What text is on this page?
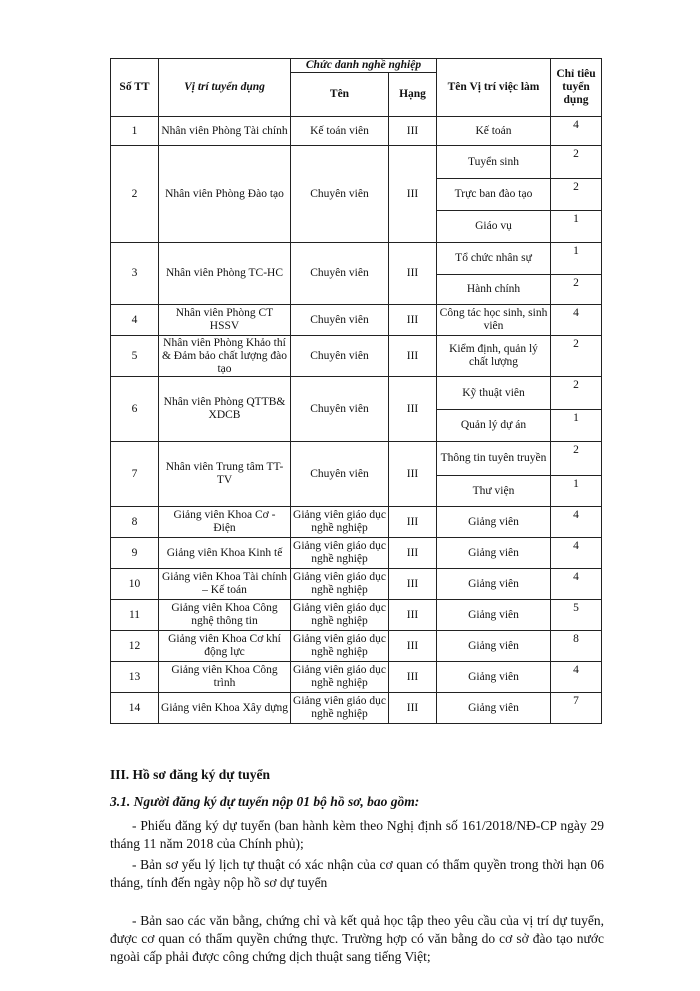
Số TT	Vị trí tuyển dụng	Chức danh nghề nghiệp		Tên Vị trí việc làm	Chỉ tiêu tuyển dụng
		Tên	Hạng		
1	Nhân viên Phòng Tài chính	Kế toán viên	III	Kế toán	4
2	Nhân viên Phòng Đào tạo	Chuyên viên	III	Tuyển sinh	2
				Trực ban đào tạo	2
				Giáo vụ	1
3	Nhân viên Phòng TC-HC	Chuyên viên	III	Tổ chức nhân sự	1
				Hành chính	2
4	Nhân viên Phòng CT HSSV	Chuyên viên	III	Công tác học sinh, sinh viên	4
5	Nhân viên Phòng Khảo thí & Đảm bảo chất lượng đào tạo	Chuyên viên	III	Kiểm định, quản lý chất lượng	2
6	Nhân viên Phòng QTTB& XDCB	Chuyên viên	III	Kỹ thuật viên	2
				Quản lý dự án	1
7	Nhân viên Trung tâm TT-TV	Chuyên viên	III	Thông tin tuyên truyền	2
				Thư viện	1
8	Giảng viên Khoa Cơ - Điện	Giảng viên giáo dục nghề nghiệp	III	Giảng viên	4
9	Giảng viên Khoa Kinh tế	Giảng viên giáo dục nghề nghiệp	III	Giảng viên	4
10	Giảng viên Khoa Tài chính – Kế toán	Giảng viên giáo dục nghề nghiệp	III	Giảng viên	4
11	Giảng viên Khoa Công nghệ thông tin	Giảng viên giáo dục nghề nghiệp	III	Giảng viên	5
12	Giảng viên Khoa Cơ khí động lực	Giảng viên giáo dục nghề nghiệp	III	Giảng viên	8
13	Giảng viên Khoa Công trình	Giảng viên giáo dục nghề nghiệp	III	Giảng viên	4
14	Giảng viên Khoa Xây dựng	Giảng viên giáo dục nghề nghiệp	III	Giảng viên	7
III. Hồ sơ đăng ký dự tuyển
3.1. Người đăng ký dự tuyển nộp 01 bộ hồ sơ, bao gồm:
- Phiếu đăng ký dự tuyển (ban hành kèm theo Nghị định số 161/2018/NĐ-CP ngày 29 tháng 11 năm 2018 của Chính phủ);
- Bản sơ yếu lý lịch tự thuật có xác nhận của cơ quan có thẩm quyền trong thời hạn 06 tháng, tính đến ngày nộp hồ sơ dự tuyển
- Bản sao các văn bằng, chứng chỉ và kết quả học tập theo yêu cầu của vị trí dự tuyển, được cơ quan có thẩm quyền chứng thực. Trường hợp có văn bằng do cơ sở đào tạo nước ngoài cấp phải được công chứng dịch thuật sang tiếng Việt;
